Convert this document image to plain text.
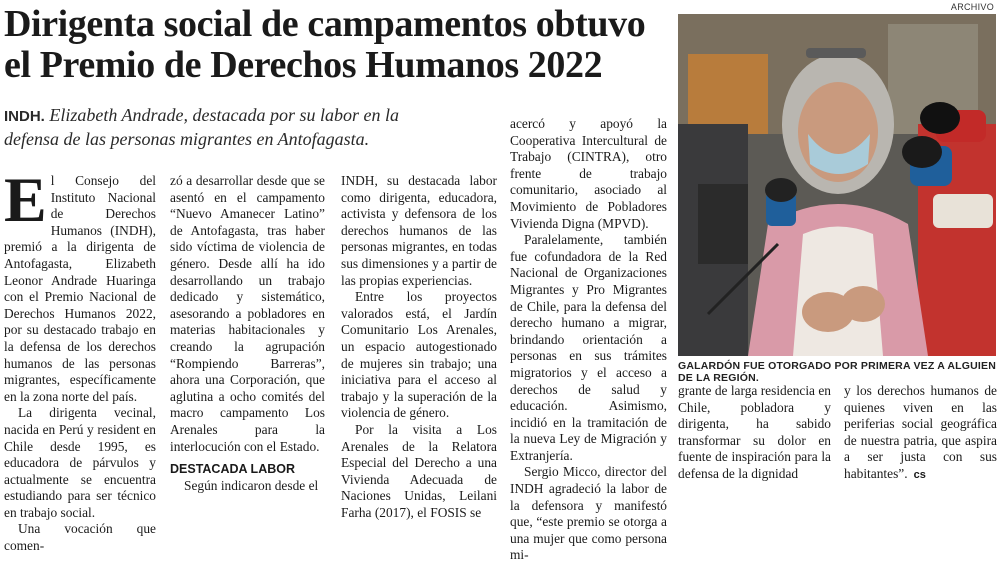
Dirigenta social de campamentos obtuvo el Premio de Derechos Humanos 2022

INDH. Elizabeth Andrade, destacada por su labor en la defensa de las personas migrantes en Antofagasta.

El Consejo del Instituto Nacional de Derechos Humanos (INDH), premió a la dirigenta de Antofagasta, Elizabeth Leonor Andrade Huaringa con el Premio Nacional de Derechos Humanos 2022, por su destacado trabajo en la defensa de los derechos humanos de las personas migrantes, específicamente en la zona norte del país.

La dirigenta vecinal, nacida en Perú y resident en Chile desde 1995, es educadora de párvulos y actualmente se encuentra estudiando para ser técnico en trabajo social.

Una vocación que comen-

zó a desarrollar desde que se asentó en el campamento “Nuevo Amanecer Latino” de Antofagasta, tras haber sido víctima de violencia de género. Desde allí ha ido desarrollando un trabajo dedicado y sistemático, asesorando a pobladores en materias habitacionales y creando la agrupación “Rompiendo Barreras”, ahora una Corporación, que aglutina a ocho comités del macro campamento Los Arenales para la interlocución con el Estado.

DESTACADA LABOR

Según indicaron desde el

INDH, su destacada labor como dirigenta, educadora, activista y defensora de los derechos humanos de las personas migrantes, en todas sus dimensiones y a partir de las propias experiencias.

Entre los proyectos valorados está, el Jardín Comunitario Los Arenales, un espacio autogestionado de mujeres sin trabajo; una iniciativa para el acceso al trabajo y la superación de la violencia de género.

Por la visita a Los Arenales de la Relatora Especial del Derecho a una Vivienda Adecuada de Naciones Unidas, Leilani Farha (2017), el FOSIS se

acercó y apoyó la Cooperativa Intercultural de Trabajo (CINTRA), otro frente de trabajo comunitario, asociado al Movimiento de Pobladores Vivienda Digna (MPVD).

Paralelamente, también fue cofundadora de la Red Nacional de Organizaciones Migrantes y Pro Migrantes de Chile, para la defensa del derecho humano a migrar, brindando orientación a personas en sus trámites migratorios y el acceso a derechos de salud y educación. Asimismo, incidió en la tramitación de la nueva Ley de Migración y Extranjería.

Sergio Micco, director del INDH agradeció la labor de la defensora y manifestó que, “este premio se otorga a una mujer que como persona mi-

ARCHIVO
GALARDÓN FUE OTORGADO POR PRIMERA VEZ A ALGUIEN DE LA REGIÓN.

grante de larga residencia en Chile, pobladora y dirigenta, ha sabido transformar su dolor en fuente de inspiración para la defensa de la dignidad

y los derechos humanos de quienes viven en las periferias social geográfica de nuestra patria, que aspira a ser justa con sus habitantes”. cs
